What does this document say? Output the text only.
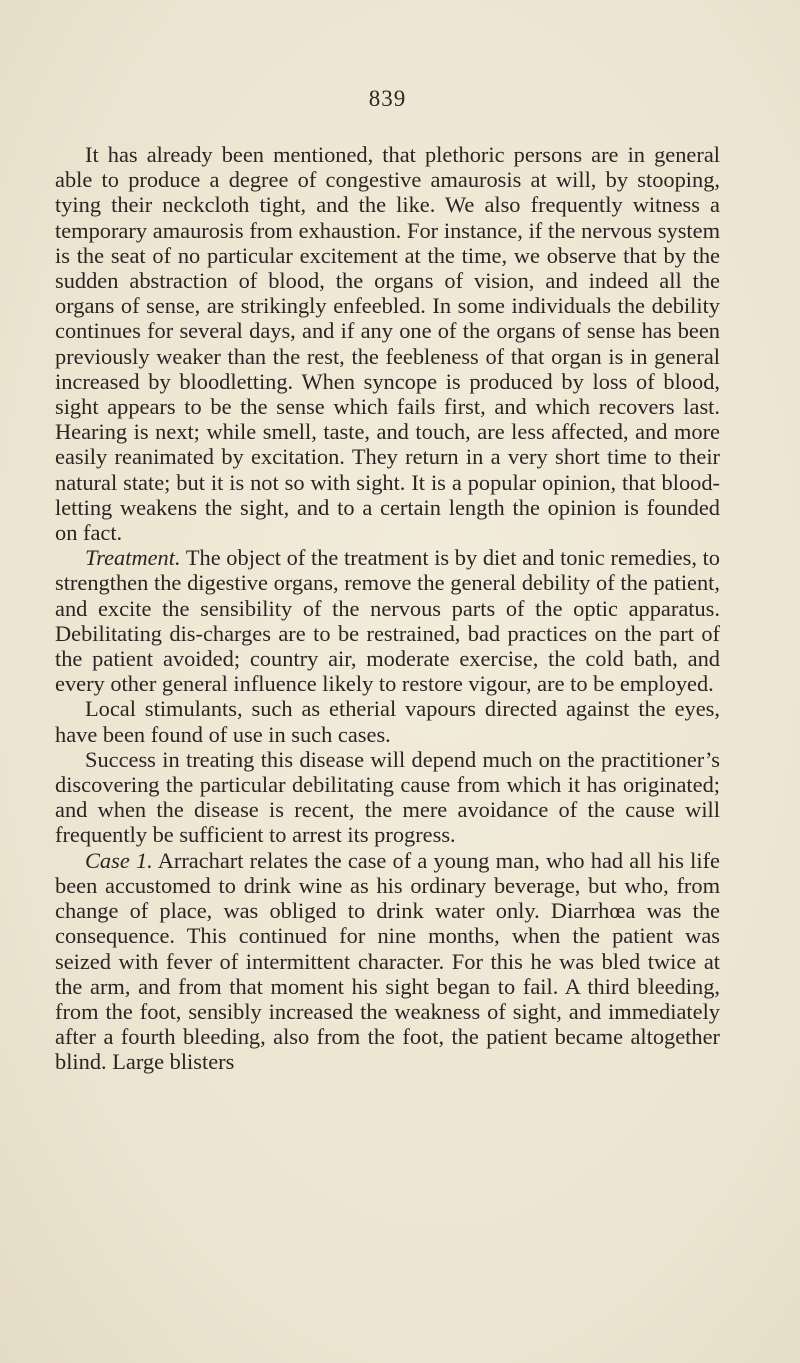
839

It has already been mentioned, that plethoric persons are in general able to produce a degree of congestive amaurosis at will, by stooping, tying their neckcloth tight, and the like. We also frequently witness a temporary amaurosis from exhaustion. For instance, if the nervous system is the seat of no particular excitement at the time, we observe that by the sudden abstraction of blood, the organs of vision, and indeed all the organs of sense, are strikingly enfeebled. In some individuals the debility continues for several days, and if any one of the organs of sense has been previously weaker than the rest, the feebleness of that organ is in general increased by bloodletting. When syncope is produced by loss of blood, sight appears to be the sense which fails first, and which recovers last. Hearing is next; while smell, taste, and touch, are less affected, and more easily reanimated by excitation. They return in a very short time to their natural state; but it is not so with sight. It is a popular opinion, that blood-letting weakens the sight, and to a certain length the opinion is founded on fact.

Treatment. The object of the treatment is by diet and tonic remedies, to strengthen the digestive organs, remove the general debility of the patient, and excite the sensibility of the nervous parts of the optic apparatus. Debilitating dis-charges are to be restrained, bad practices on the part of the patient avoided; country air, moderate exercise, the cold bath, and every other general influence likely to restore vigour, are to be employed.

Local stimulants, such as etherial vapours directed against the eyes, have been found of use in such cases.

Success in treating this disease will depend much on the practitioner’s discovering the particular debilitating cause from which it has originated; and when the disease is recent, the mere avoidance of the cause will frequently be sufficient to arrest its progress.

Case 1. Arrachart relates the case of a young man, who had all his life been accustomed to drink wine as his ordinary beverage, but who, from change of place, was obliged to drink water only. Diarrhœa was the consequence. This continued for nine months, when the patient was seized with fever of intermittent character. For this he was bled twice at the arm, and from that moment his sight began to fail. A third bleeding, from the foot, sensibly increased the weakness of sight, and immediately after a fourth bleeding, also from the foot, the patient became altogether blind. Large blisters
